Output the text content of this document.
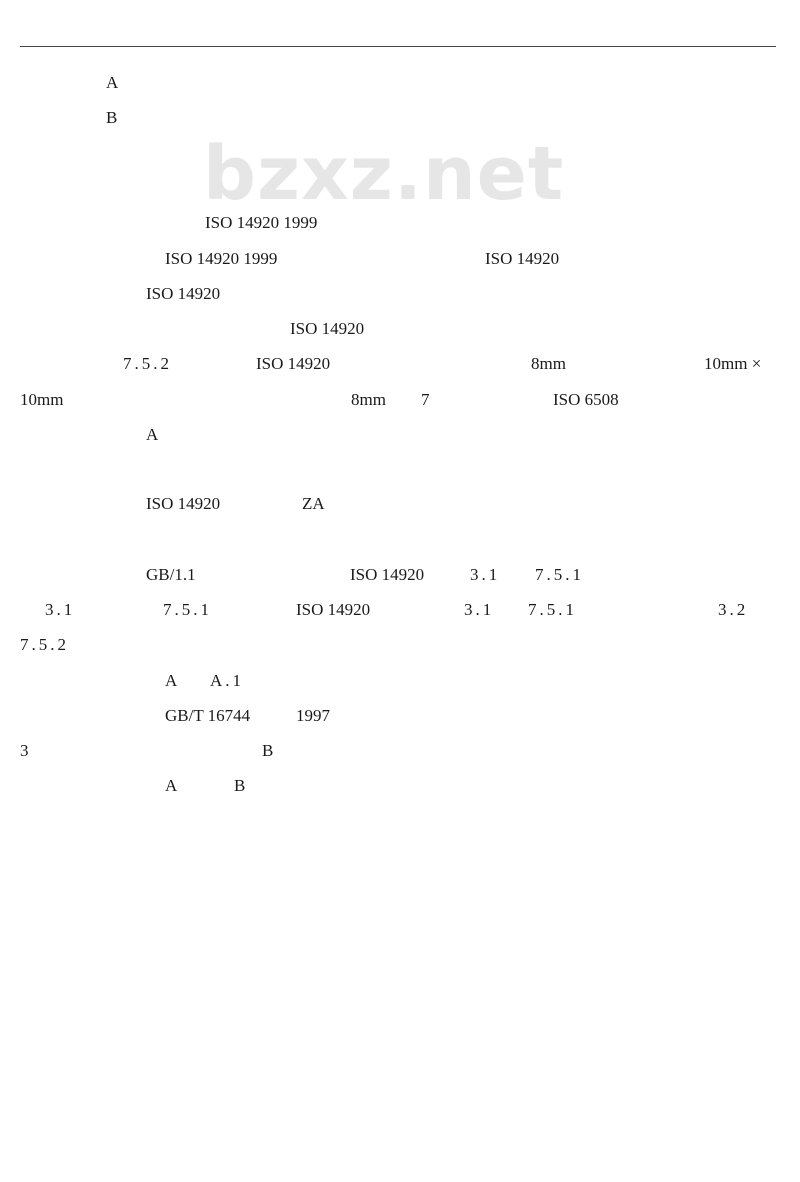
bzxz.net
A
B
ISO 14920 1999
ISO 14920 1999	ISO 14920
ISO 14920
ISO 14920
7.5.2	ISO 14920	8mm	10mm ×
10mm	8mm 7	ISO 6508
A
ISO 14920	ZA
GB/1.1	ISO 14920	3.1 7.5.1
3.1	7.5.1	ISO 14920	3.1 7.5.1	3.2
7.5.2
A A.1
GB/T 16744	1997
3	B
A	B
